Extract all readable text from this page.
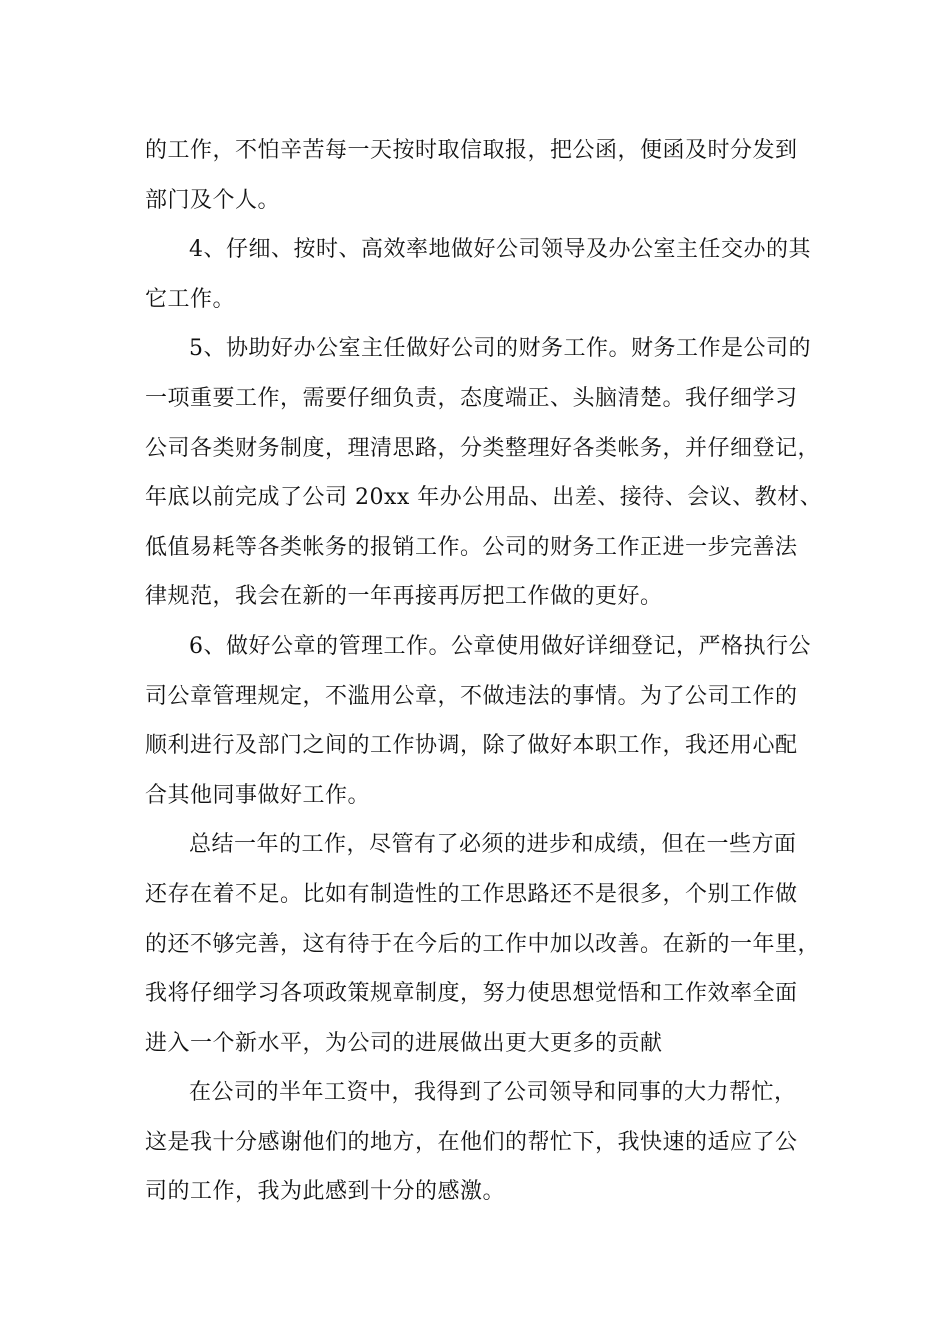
的工作，不怕辛苦每一天按时取信取报，把公函，便函及时分发到
部门及个人。
4、仔细、按时、高效率地做好公司领导及办公室主任交办的其
它工作。
5、协助好办公室主任做好公司的财务工作。财务工作是公司的
一项重要工作，需要仔细负责，态度端正、头脑清楚。我仔细学习
公司各类财务制度，理清思路，分类整理好各类帐务，并仔细登记，
年底以前完成了公司 20xx 年办公用品、出差、接待、会议、教材、
低值易耗等各类帐务的报销工作。公司的财务工作正进一步完善法
律规范，我会在新的一年再接再厉把工作做的更好。
6、做好公章的管理工作。公章使用做好详细登记，严格执行公
司公章管理规定，不滥用公章，不做违法的事情。为了公司工作的
顺利进行及部门之间的工作协调，除了做好本职工作，我还用心配
合其他同事做好工作。
总结一年的工作，尽管有了必须的进步和成绩，但在一些方面
还存在着不足。比如有制造性的工作思路还不是很多，个别工作做
的还不够完善，这有待于在今后的工作中加以改善。在新的一年里，
我将仔细学习各项政策规章制度，努力使思想觉悟和工作效率全面
进入一个新水平，为公司的进展做出更大更多的贡献
在公司的半年工资中，我得到了公司领导和同事的大力帮忙，
这是我十分感谢他们的地方，在他们的帮忙下，我快速的适应了公
司的工作，我为此感到十分的感激。
